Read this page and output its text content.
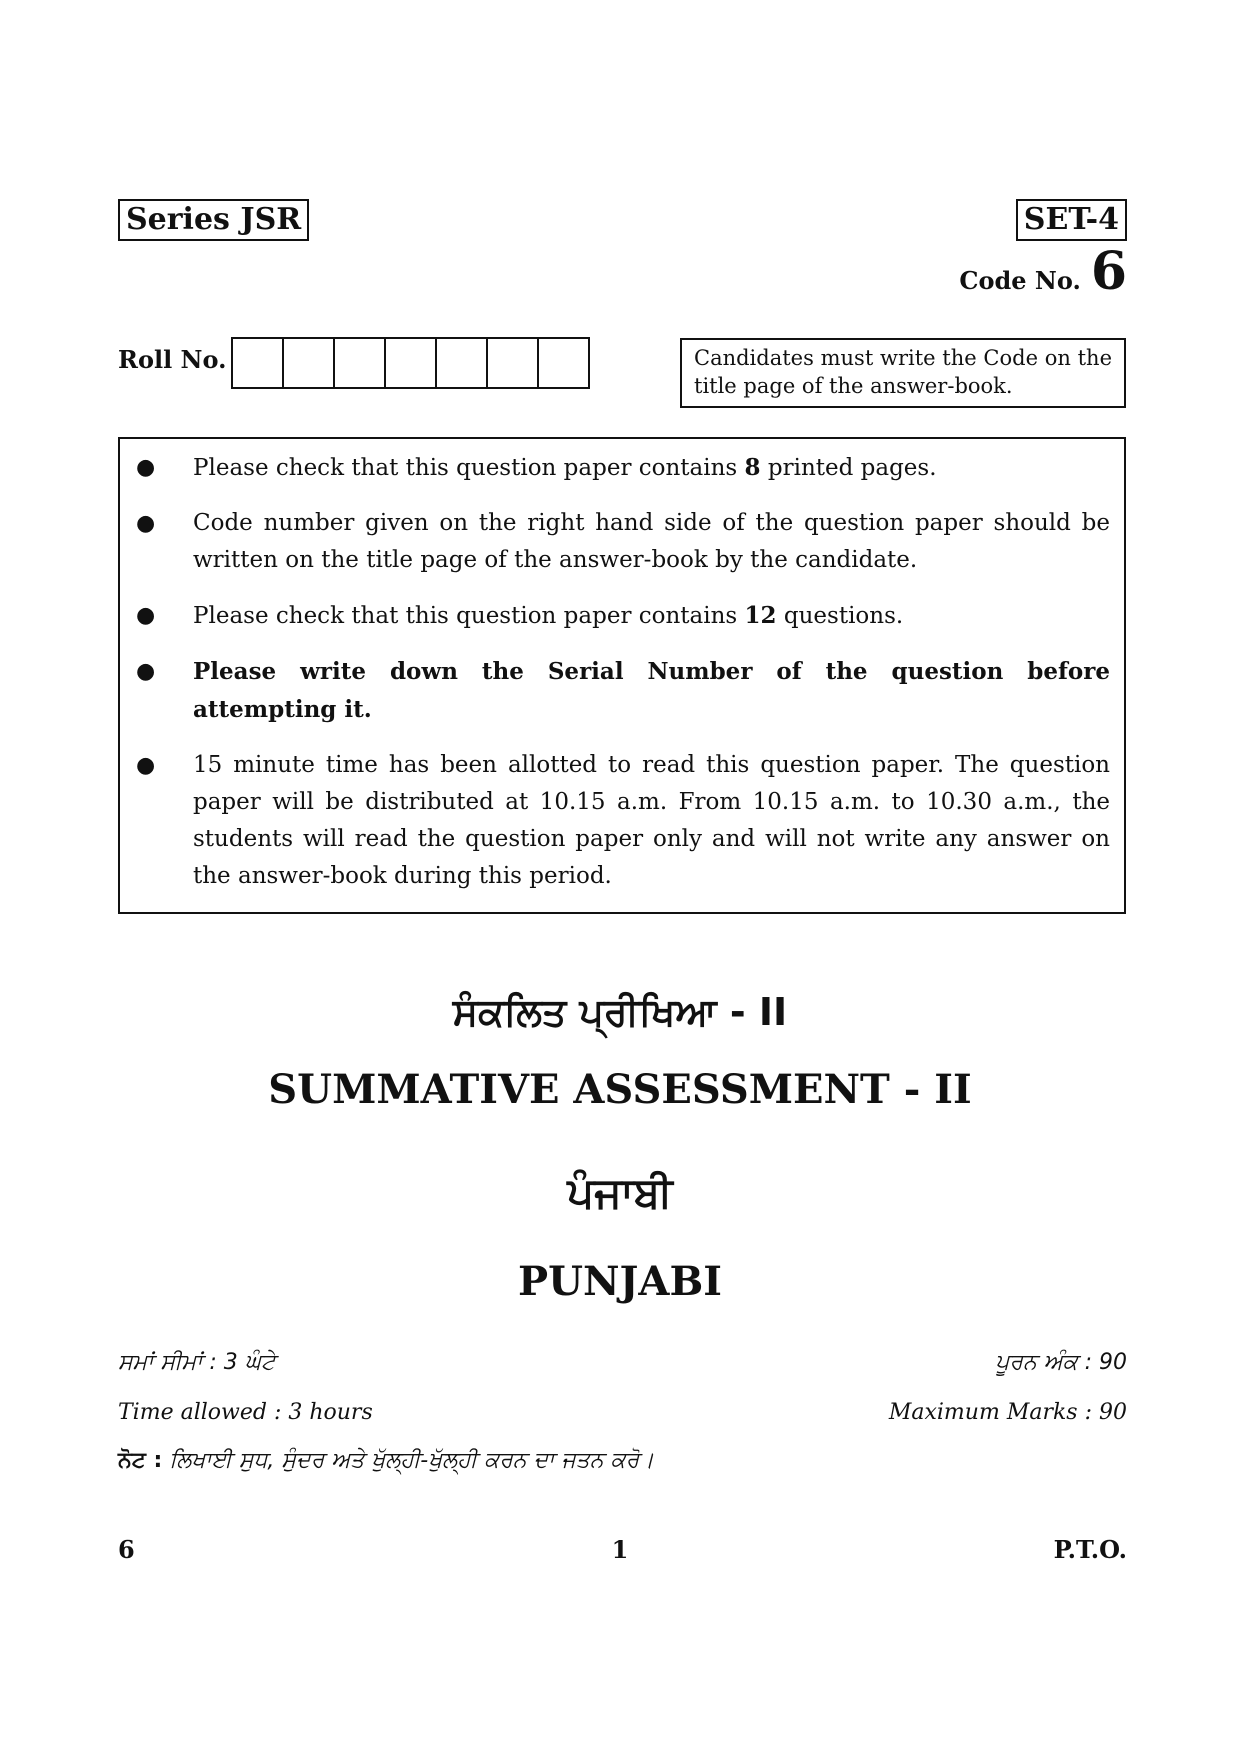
Series JSR	SET-4
Code No. 6
Roll No.	Candidates must write the Code on the title page of the answer-book.
● Please check that this question paper contains 8 printed pages.
● Code number given on the right hand side of the question paper should be written on the title page of the answer-book by the candidate.
● Please check that this question paper contains 12 questions.
● Please write down the Serial Number of the question before attempting it.
● 15 minute time has been allotted to read this question paper. The question paper will be distributed at 10.15 a.m. From 10.15 a.m. to 10.30 a.m., the students will read the question paper only and will not write any answer on the answer-book during this period.
ਸੰਕਲਿਤ ਪ੍ਰੀਖਿਆ - II
SUMMATIVE ASSESSMENT - II
ਪੰਜਾਬੀ
PUNJABI
ਸਮਾਂ ਸੀਮਾਂ : 3 ਘੰਟੇ	ਪੂਰਨ ਅੰਕ : 90
Time allowed : 3 hours	Maximum Marks : 90
ਨੋਟ : ਲਿਖਾਈ ਸੁਧ, ਸੁੰਦਰ ਅਤੇ ਖੁੱਲ੍ਹੀ-ਖੁੱਲ੍ਹੀ ਕਰਨ ਦਾ ਜਤਨ ਕਰੋ।
6	1	P.T.O.
